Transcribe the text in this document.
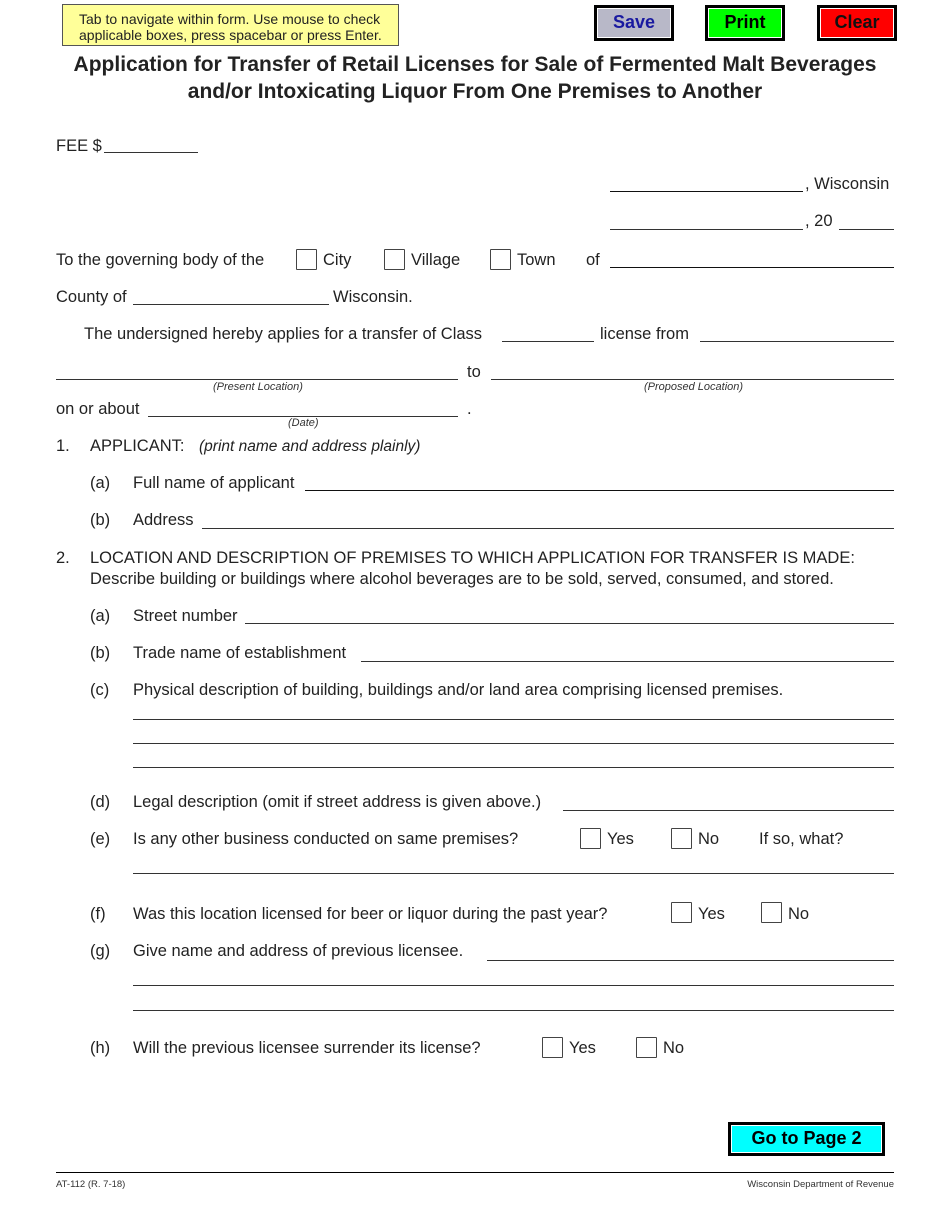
Tab to navigate within form. Use mouse to check applicable boxes, press spacebar or press Enter.
Save	Print	Clear
Application for Transfer of Retail Licenses for Sale of Fermented Malt Beverages
and/or Intoxicating Liquor From One Premises to Another
FEE $
, Wisconsin
, 20
To the governing body of the	City	Village	Town of
County of	Wisconsin.
The undersigned hereby applies for a transfer of Class	license from
to
(Present Location)	(Proposed Location)
on or about	.
(Date)
1. APPLICANT: (print name and address plainly)
(a) Full name of applicant
(b) Address
2. LOCATION AND DESCRIPTION OF PREMISES TO WHICH APPLICATION FOR TRANSFER IS MADE:
Describe building or buildings where alcohol beverages are to be sold, served, consumed, and stored.
(a) Street number
(b) Trade name of establishment
(c) Physical description of building, buildings and/or land area comprising licensed premises.
(d) Legal description (omit if street address is given above.)
(e) Is any other business conducted on same premises?	Yes	No If so, what?
(f) Was this location licensed for beer or liquor during the past year?	Yes	No
(g) Give name and address of previous licensee.
(h) Will the previous licensee surrender its license?	Yes	No
Go to Page 2
AT-112 (R. 7-18)	Wisconsin Department of Revenue
